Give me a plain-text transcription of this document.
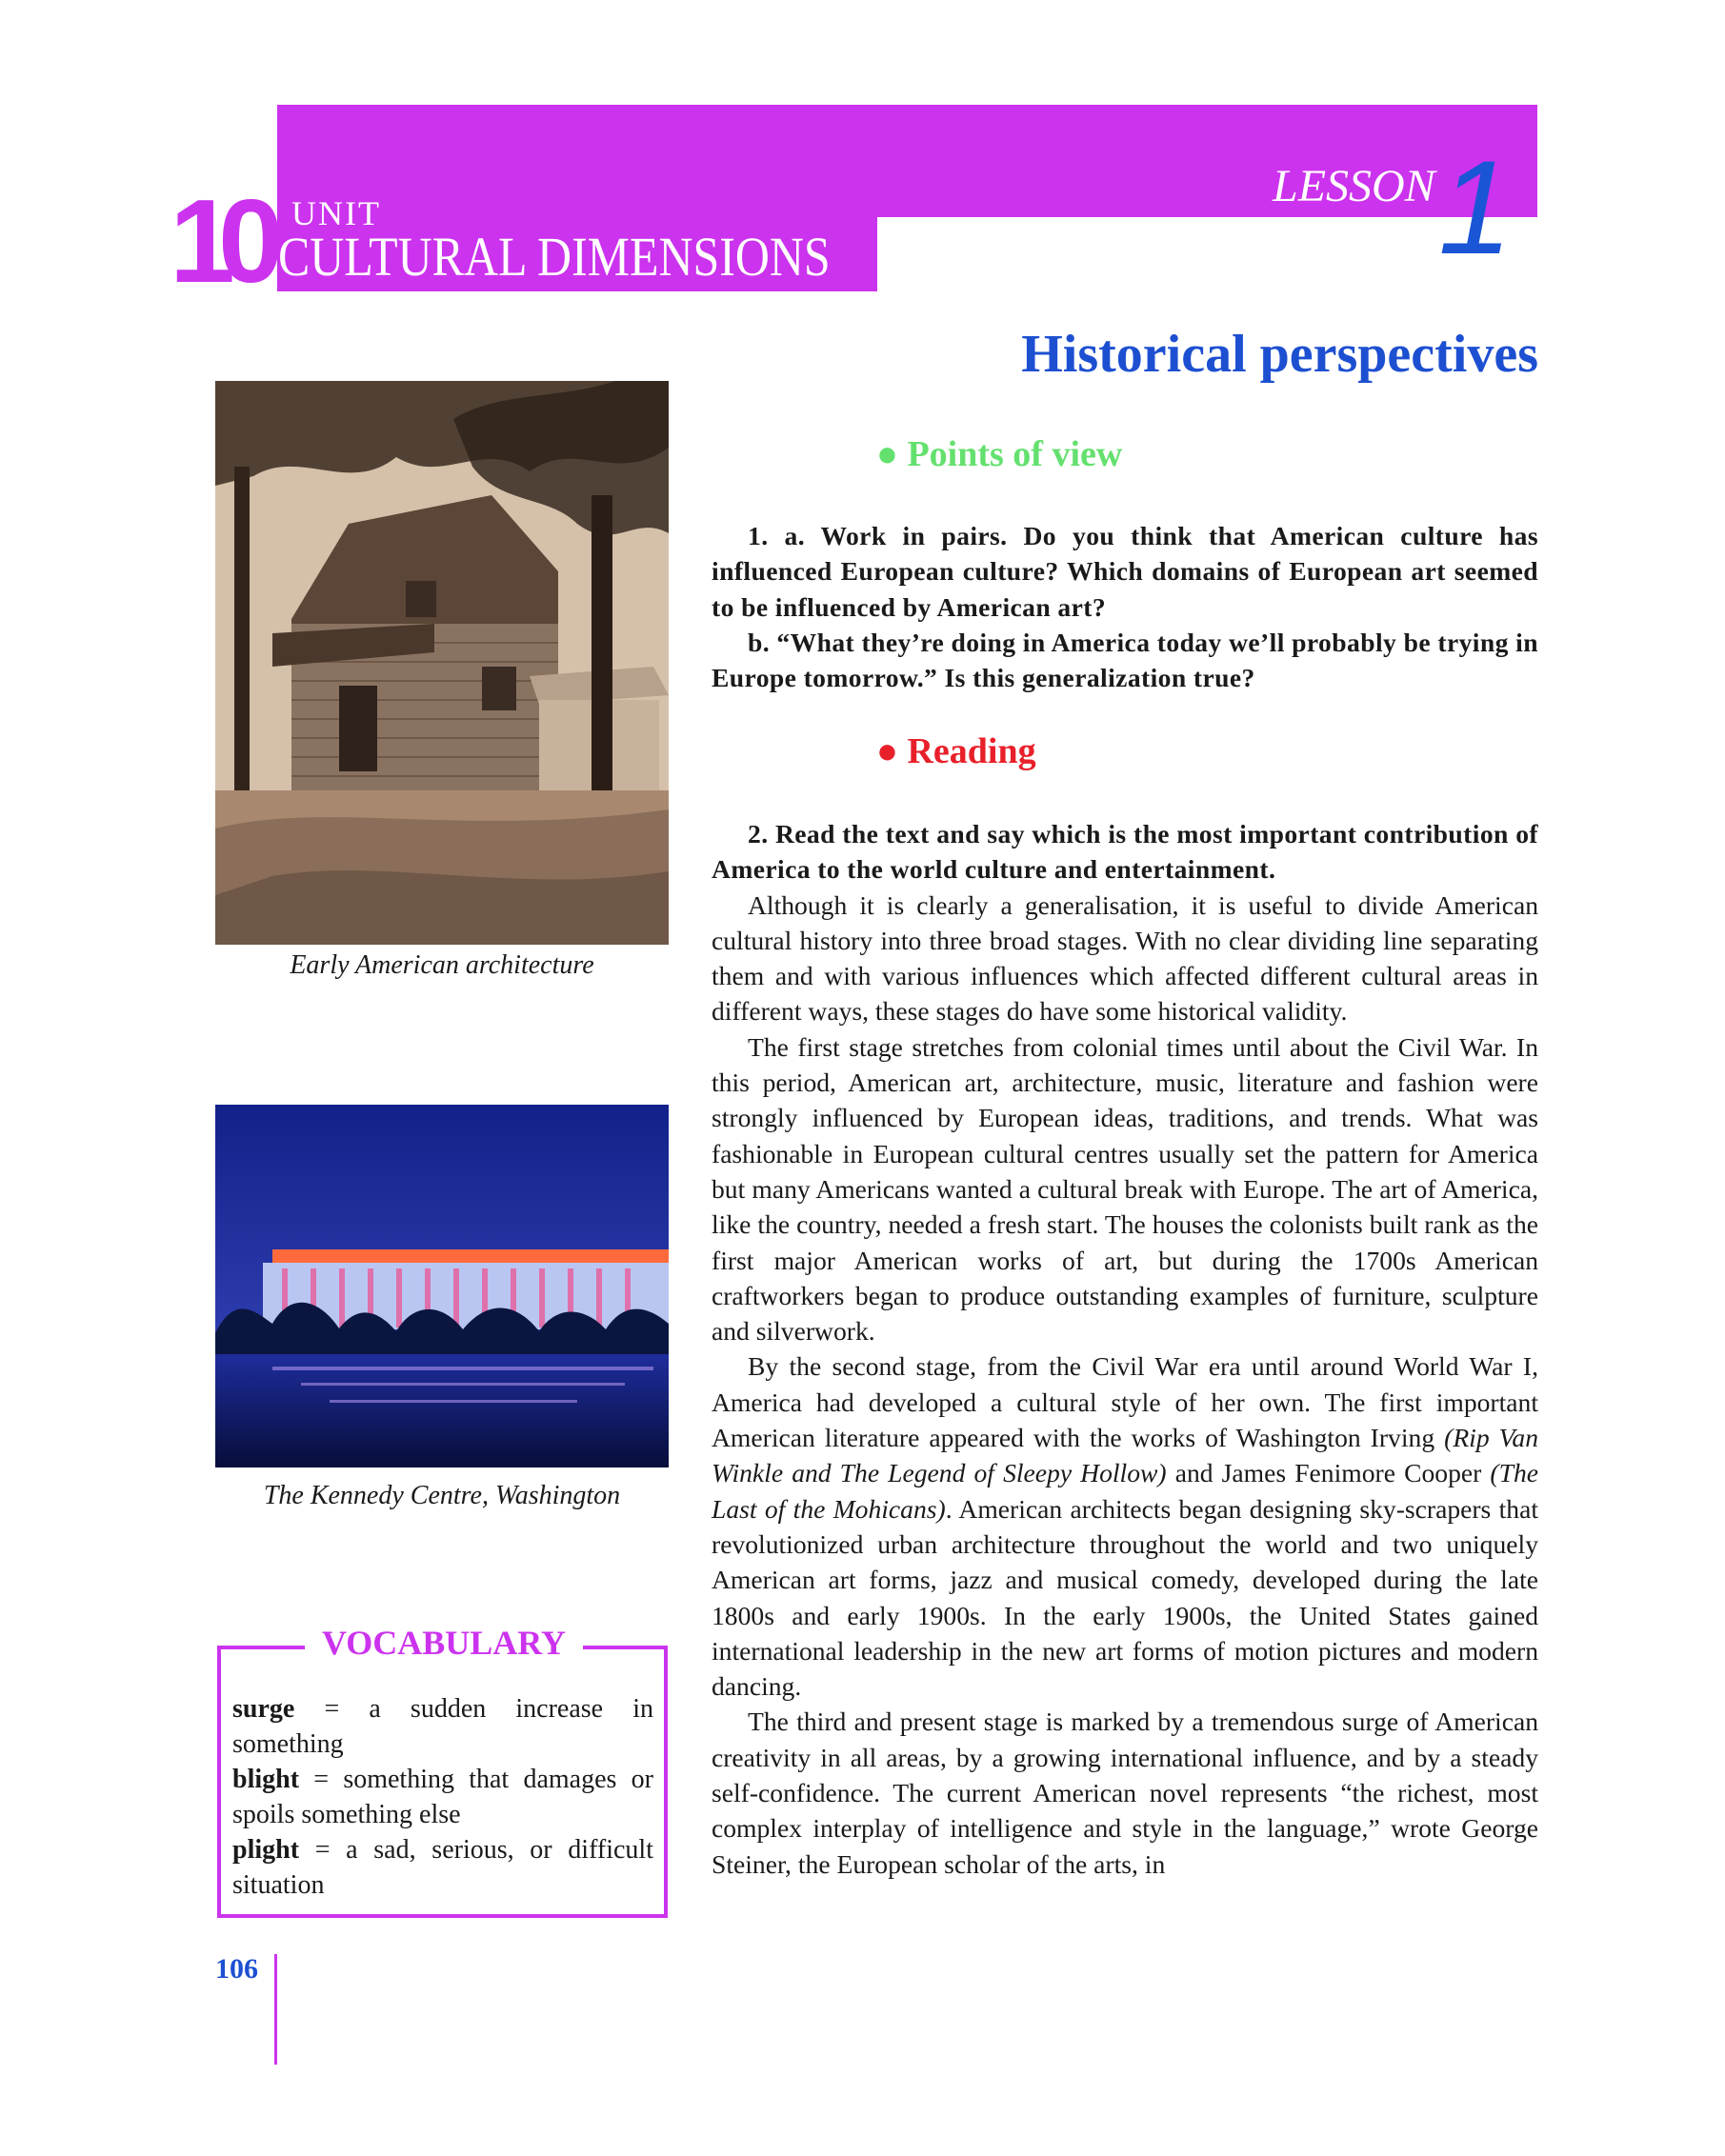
10 UNIT
CULTURAL DIMENSIONS
LESSON 1
Historical perspectives
● Points of view

1. a. Work in pairs. Do you think that American culture has influenced European culture? Which domains of European art seemed to be influenced by American art?

b. “What they’re doing in America today we’ll probably be trying in Europe tomorrow.” Is this generalization true?

● Reading

2. Read the text and say which is the most important contribution of America to the world culture and entertainment.

Although it is clearly a generalisation, it is useful to divide American cultural history into three broad stages. With no clear dividing line separating them and with various influences which affected different cultural areas in different ways, these stages do have some historical validity.

The first stage stretches from colonial times until about the Civil War. In this period, American art, architecture, music, literature and fashion were strongly influenced by European ideas, traditions, and trends. What was fashionable in European cultural centres usually set the pattern for America but many Americans wanted a cultural break with Europe. The art of America, like the country, needed a fresh start. The houses the colonists built rank as the first major American works of art, but during the 1700s American craftworkers began to produce outstanding examples of furniture, sculpture and silverwork.

By the second stage, from the Civil War era until around World War I, America had developed a cultural style of her own. The first important American literature appeared with the works of Washington Irving (Rip Van Winkle and The Legend of Sleepy Hollow) and James Fenimore Cooper (The Last of the Mohicans). American architects began designing sky-scrapers that revolutionized urban architecture throughout the world and two uniquely American art forms, jazz and musical comedy, developed during the late 1800s and early 1900s. In the early 1900s, the United States gained international leadership in the new art forms of motion pictures and modern dancing.

The third and present stage is marked by a tremendous surge of American creativity in all areas, by a growing international influence, and by a steady self-confidence. The current American novel represents “the richest, most complex interplay of intelligence and style in the language,” wrote George Steiner, the European scholar of the arts, in

Early American architecture
The Kennedy Centre, Washington
VOCABULARY

surge = a sudden increase in something

blight = something that damages or spoils something else

plight = a sad, serious, or difficult situation

106
